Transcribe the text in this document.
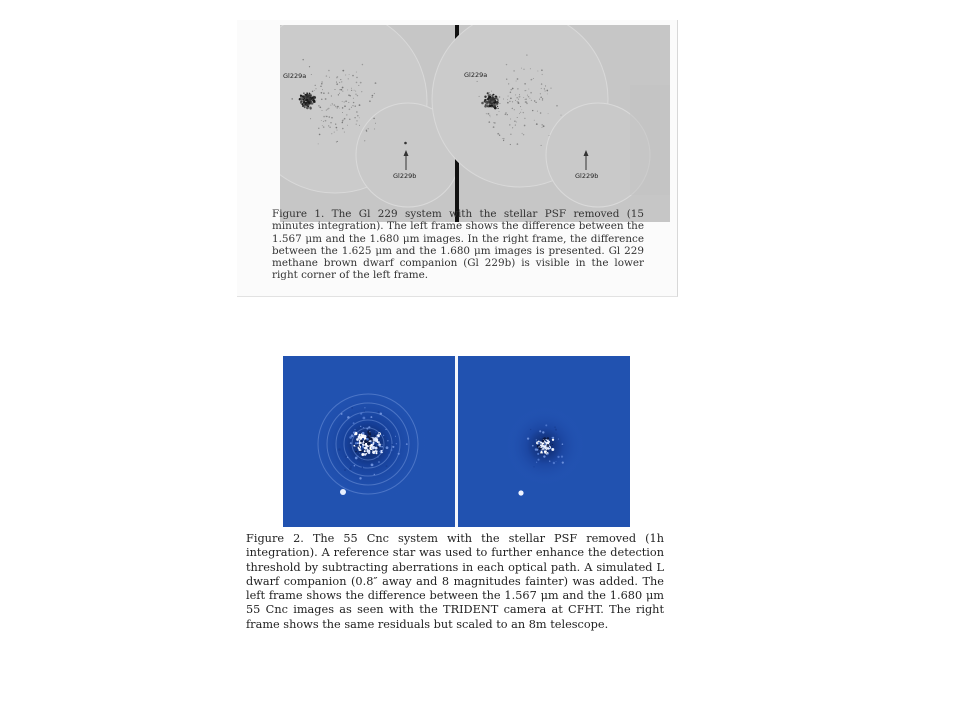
Gl229a
Gl229b
Gl229a
Gl229b
Figure 1. The Gl 229 system with the stellar PSF removed (15 minutes integration). The left frame shows the difference between the 1.567 μm and the 1.680 μm images. In the right frame, the difference between the 1.625 μm and the 1.680 μm images is presented. Gl 229 methane brown dwarf companion (Gl 229b) is visible in the lower right corner of the left frame.
Figure 2. The 55 Cnc system with the stellar PSF removed (1h integration). A reference star was used to further enhance the detection threshold by subtracting aberrations in each optical path. A simulated L dwarf companion (0.8″ away and 8 magnitudes fainter) was added. The left frame shows the difference between the 1.567 μm and the 1.680 μm 55 Cnc images as seen with the TRIDENT camera at CFHT. The right frame shows the same residuals but scaled to an 8m telescope.
